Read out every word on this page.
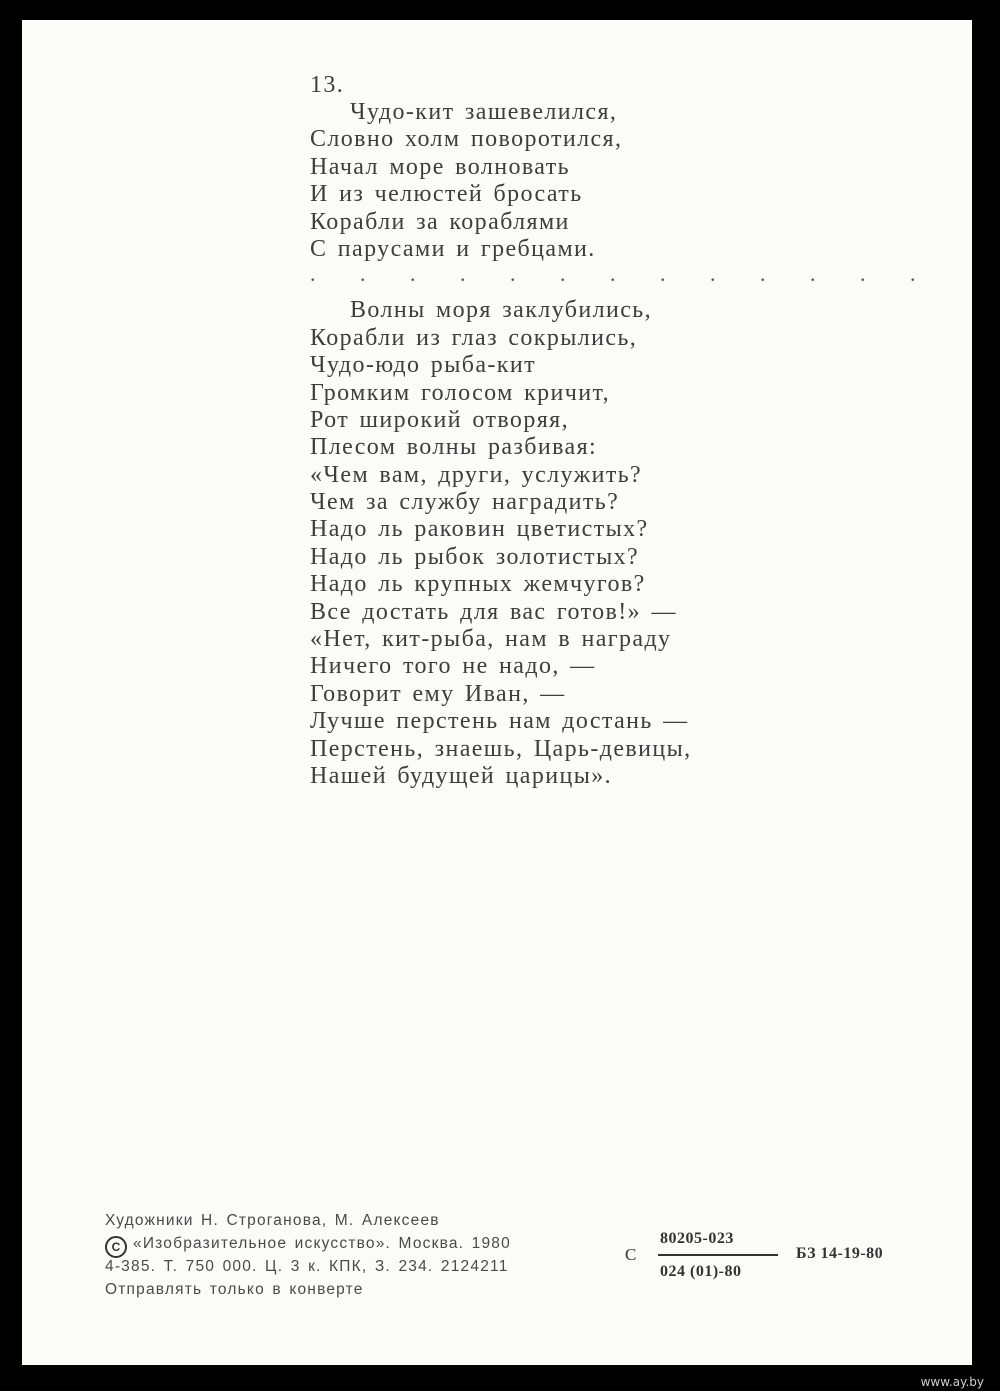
13.
Чудо-кит зашевелился,
Словно холм поворотился,
Начал море волновать
И из челюстей бросать
Корабли за кораблями
С парусами и гребцами.
. . . . . . . . . . . . .
Волны моря заклубились,
Корабли из глаз сокрылись,
Чудо-юдо рыба-кит
Громким голосом кричит,
Рот широкий отворяя,
Плесом волны разбивая:
«Чем вам, други, услужить?
Чем за службу наградить?
Надо ль раковин цветистых?
Надо ль рыбок золотистых?
Надо ль крупных жемчугов?
Все достать для вас готов!» —
«Нет, кит-рыба, нам в награду
Ничего того не надо, —
Говорит ему Иван, —
Лучше перстень нам достань —
Перстень, знаешь, Царь-девицы,
Нашей будущей царицы».
Художники Н. Строганова, М. Алексеев
C «Изобразительное искусство». Москва. 1980
4-385. Т. 750 000. Ц. 3 к. КПК, З. 234. 2124211
Отправлять только в конверте
С
80205-023
024 (01)-80
БЗ 14-19-80
www.ay.by
